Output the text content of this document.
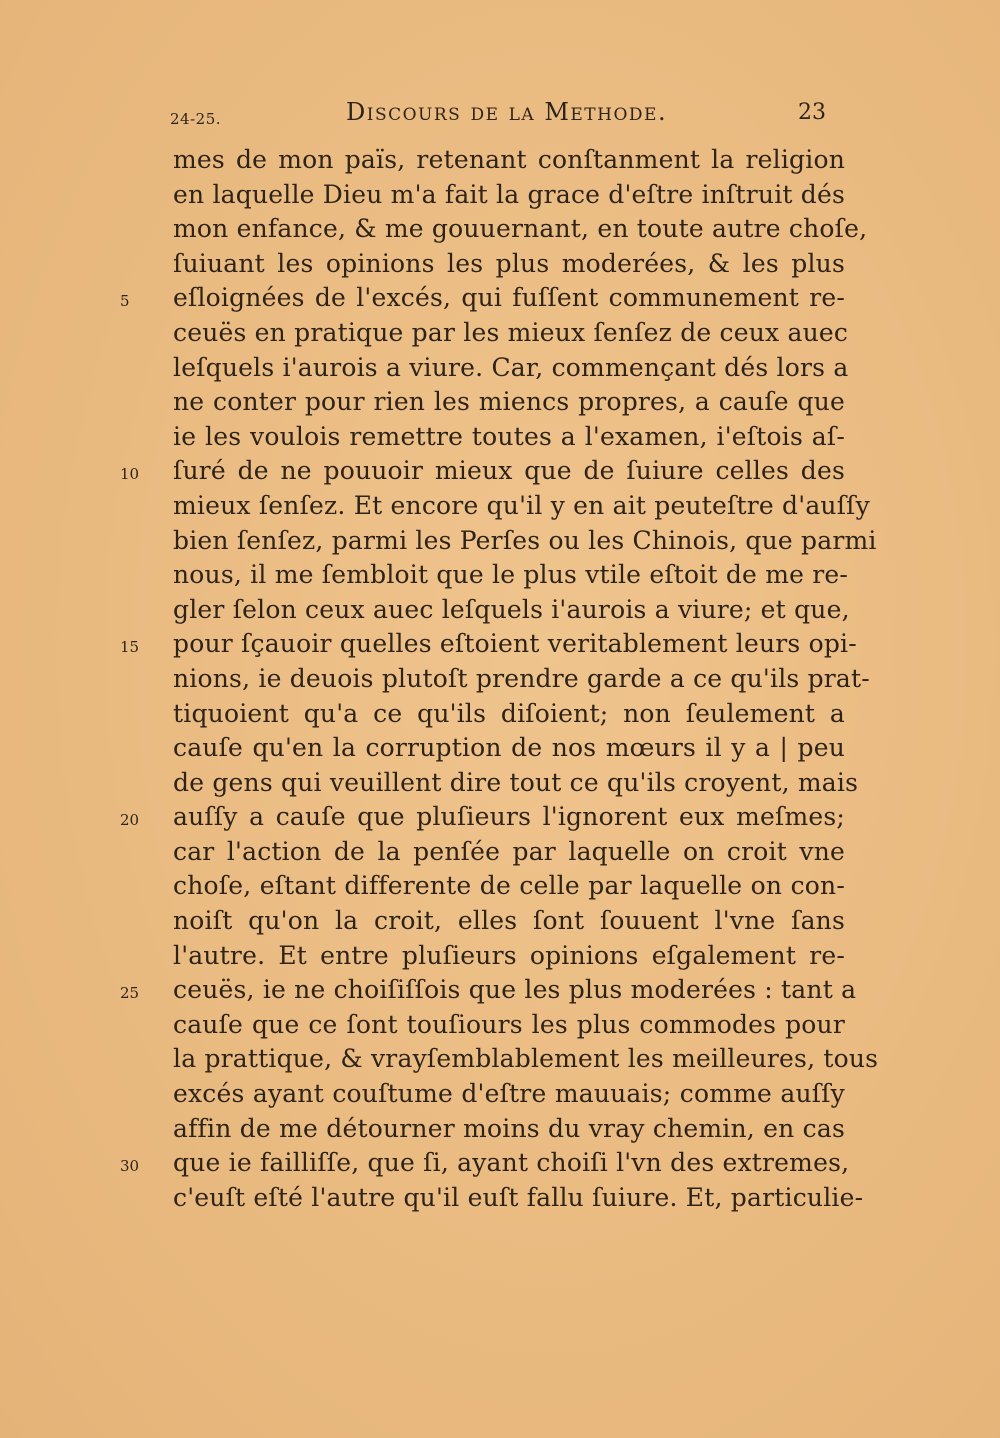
24-25.	Discours de la Methode.	23
5
10
15
20
25
30
mes de mon païs, retenant conſtanment la religion
en laquelle Dieu m'a fait la grace d'eſtre inſtruit dés
mon enfance, & me gouuernant, en toute autre choſe,
ſuiuant les opinions les plus moderées, & les plus
eſloignées de l'excés, qui fuſſent communement re-
ceuës en pratique par les mieux ſenſez de ceux auec
leſquels i'aurois a viure. Car, commençant dés lors a
ne conter pour rien les miencs propres, a cauſe que
ie les voulois remettre toutes a l'examen, i'eſtois aſ-
ſuré de ne pouuoir mieux que de ſuiure celles des
mieux ſenſez. Et encore qu'il y en ait peuteſtre d'auſſy
bien ſenſez, parmi les Perſes ou les Chinois, que parmi
nous, il me ſembloit que le plus vtile eſtoit de me re-
gler ſelon ceux auec leſquels i'aurois a viure; et que,
pour ſçauoir quelles eſtoient veritablement leurs opi-
nions, ie deuois plutoſt prendre garde a ce qu'ils prat-
tiquoient qu'a ce qu'ils diſoient; non ſeulement a
cauſe qu'en la corruption de nos mœurs il y a | peu
de gens qui veuillent dire tout ce qu'ils croyent, mais
auſſy a cauſe que pluſieurs l'ignorent eux meſmes;
car l'action de la penſée par laquelle on croit vne
choſe, eſtant differente de celle par laquelle on con-
noiſt qu'on la croit, elles ſont ſouuent l'vne ſans
l'autre. Et entre pluſieurs opinions eſgalement re-
ceuës, ie ne choiſiſſois que les plus moderées : tant a
cauſe que ce ſont touſiours les plus commodes pour
la prattique, & vrayſemblablement les meilleures, tous
excés ayant couſtume d'eſtre mauuais; comme auſſy
affin de me détourner moins du vray chemin, en cas
que ie failliſſe, que ſi, ayant choiſi l'vn des extremes,
c'euſt eſté l'autre qu'il euſt fallu ſuiure. Et, particulie-
